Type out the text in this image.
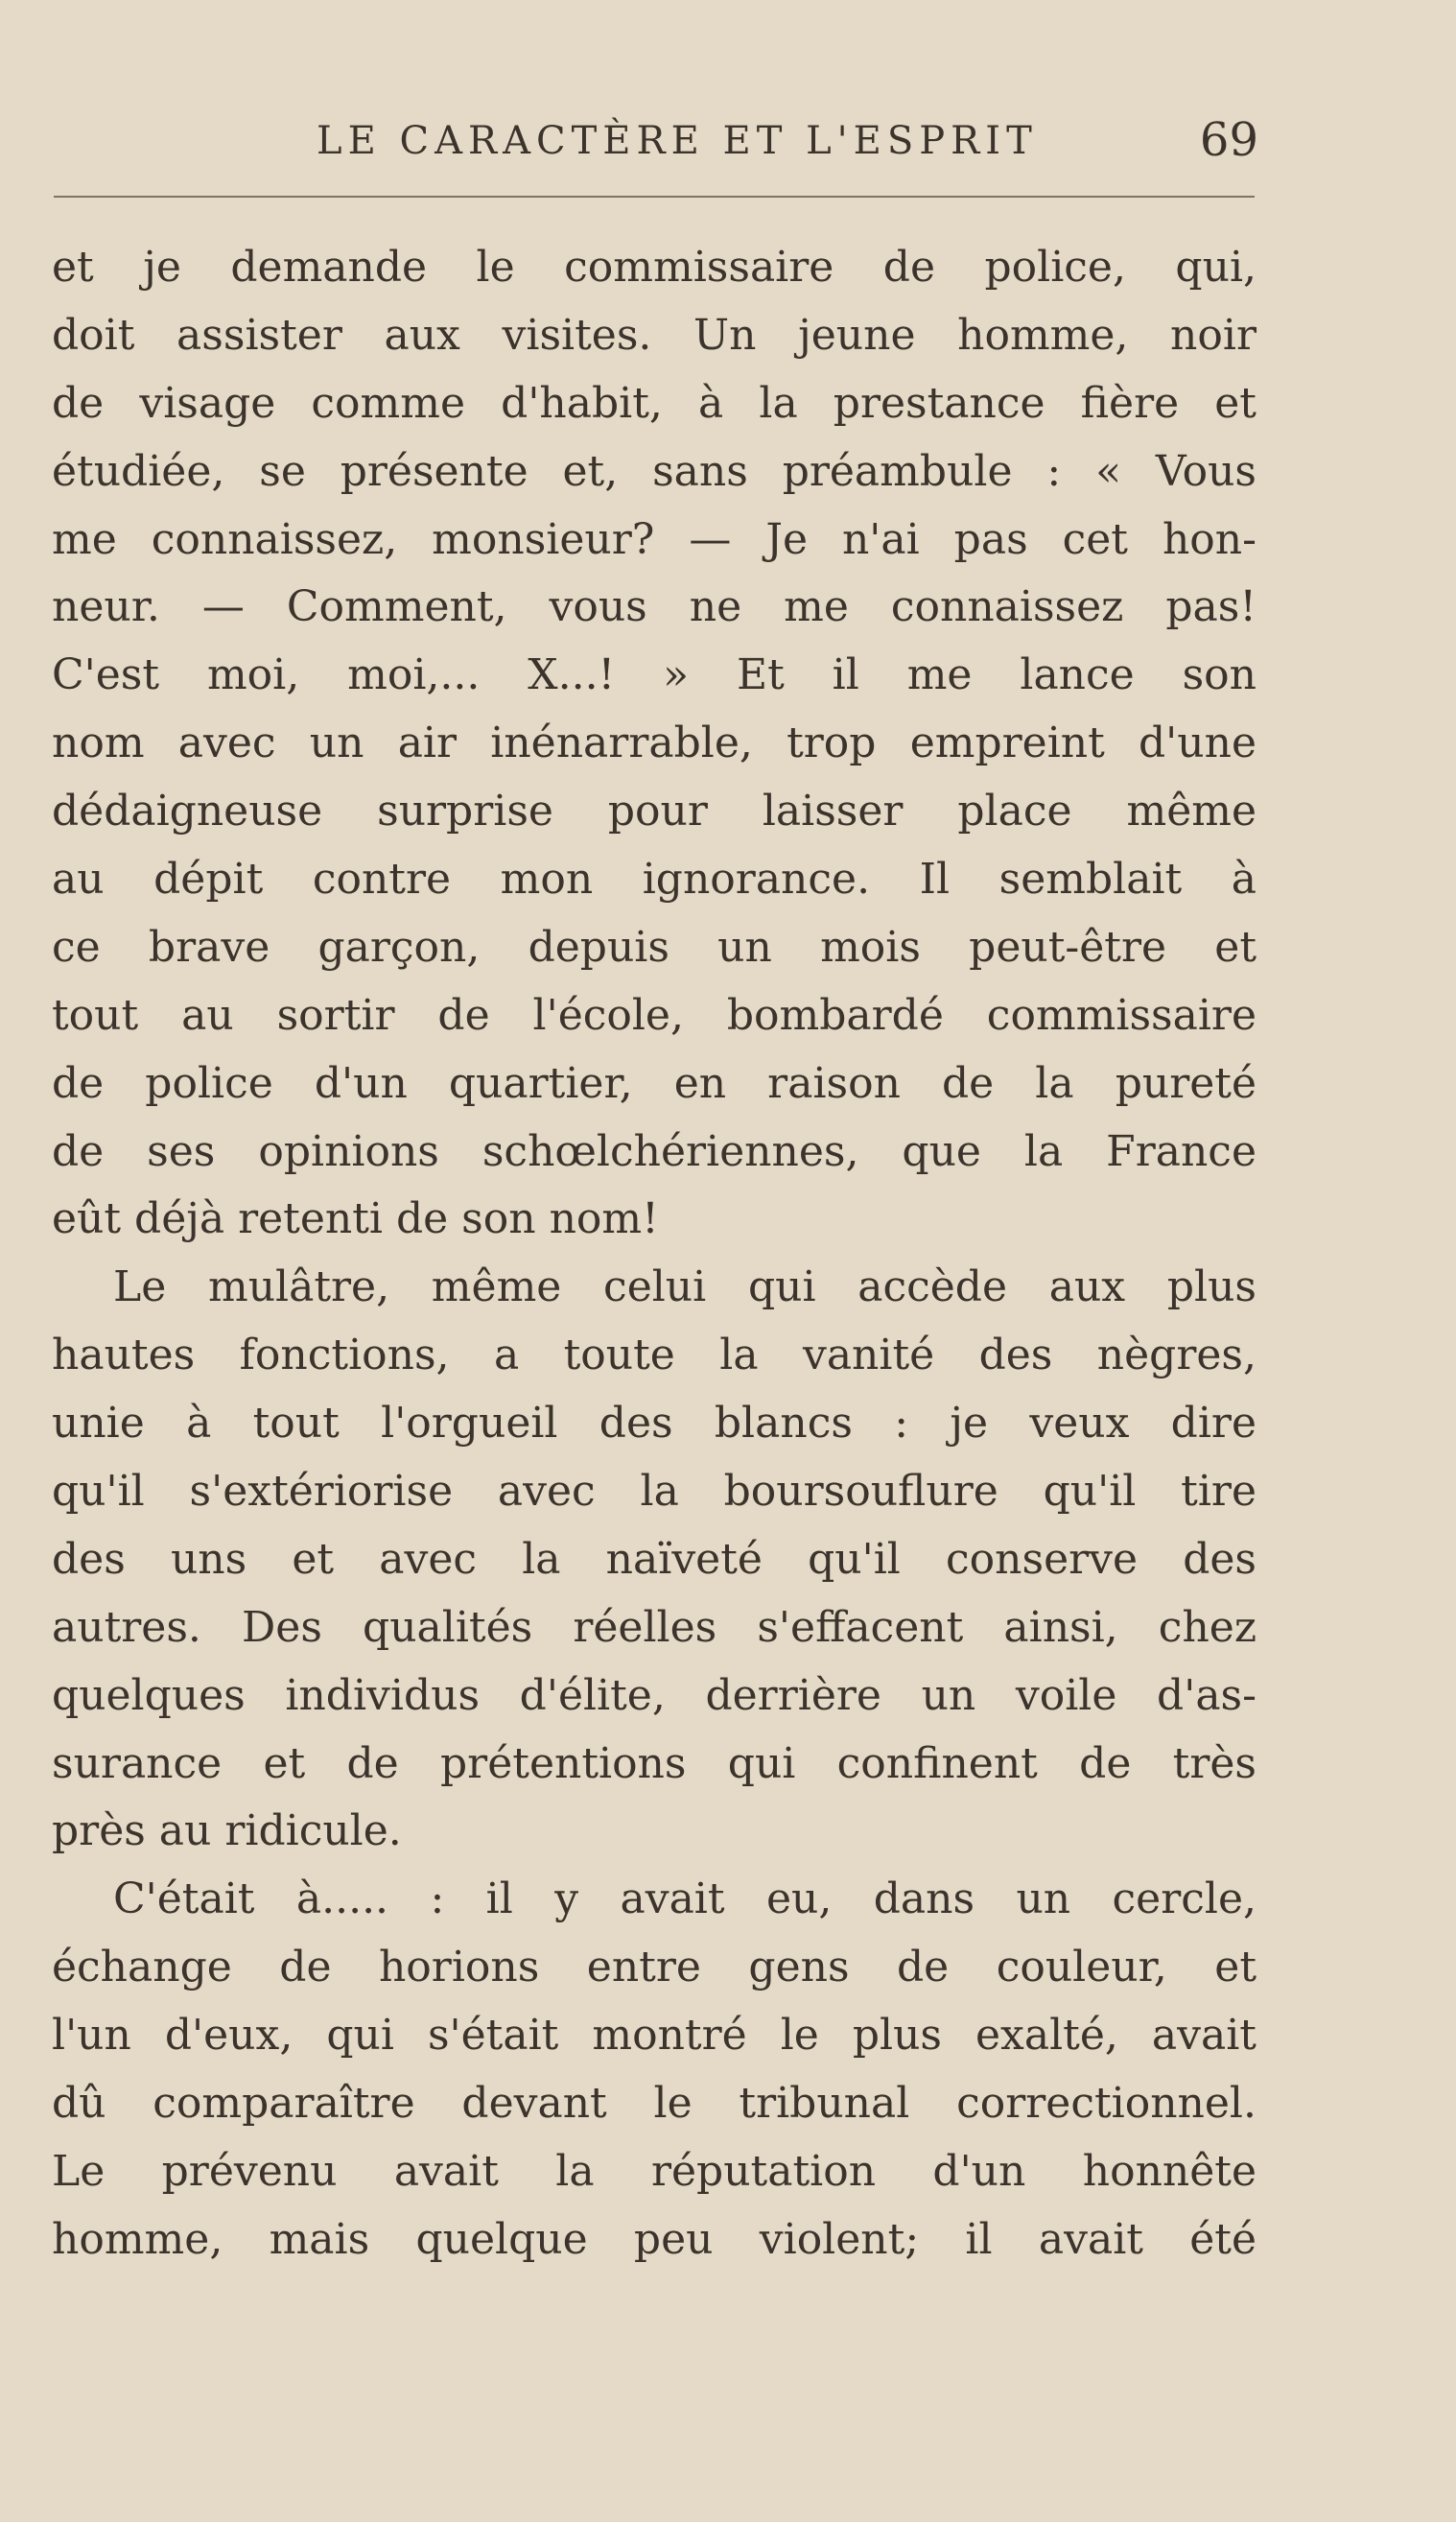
LE CARACTÈRE ET L'ESPRIT	69
et je demande le commissaire de police, qui,
doit assister aux visites. Un jeune homme, noir
de visage comme d'habit, à la prestance fière et
étudiée, se présente et, sans préambule : « Vous
me connaissez, monsieur? — Je n'ai pas cet hon-
neur. — Comment, vous ne me connaissez pas!
C'est moi, moi,... X...! » Et il me lance son
nom avec un air inénarrable, trop empreint d'une
dédaigneuse surprise pour laisser place même
au dépit contre mon ignorance. Il semblait à
ce brave garçon, depuis un mois peut-être et
tout au sortir de l'école, bombardé commissaire
de police d'un quartier, en raison de la pureté
de ses opinions schœlchériennes, que la France
eût déjà retenti de son nom!
Le mulâtre, même celui qui accède aux plus
hautes fonctions, a toute la vanité des nègres,
unie à tout l'orgueil des blancs : je veux dire
qu'il s'extériorise avec la boursouflure qu'il tire
des uns et avec la naïveté qu'il conserve des
autres. Des qualités réelles s'effacent ainsi, chez
quelques individus d'élite, derrière un voile d'as-
surance et de prétentions qui confinent de très
près au ridicule.
C'était à..... : il y avait eu, dans un cercle,
échange de horions entre gens de couleur, et
l'un d'eux, qui s'était montré le plus exalté, avait
dû comparaître devant le tribunal correctionnel.
Le prévenu avait la réputation d'un honnête
homme, mais quelque peu violent; il avait été
